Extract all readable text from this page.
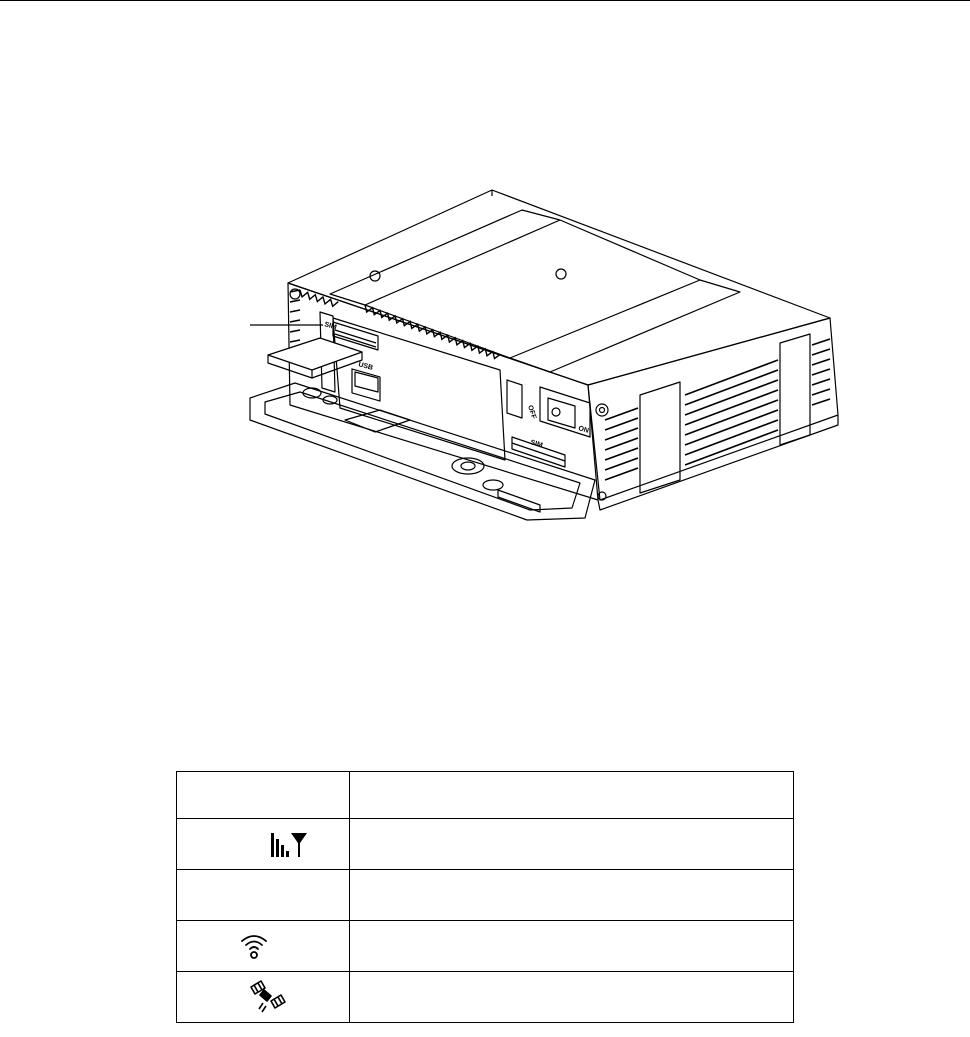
SIM
USB
OFF
ON
SIM
